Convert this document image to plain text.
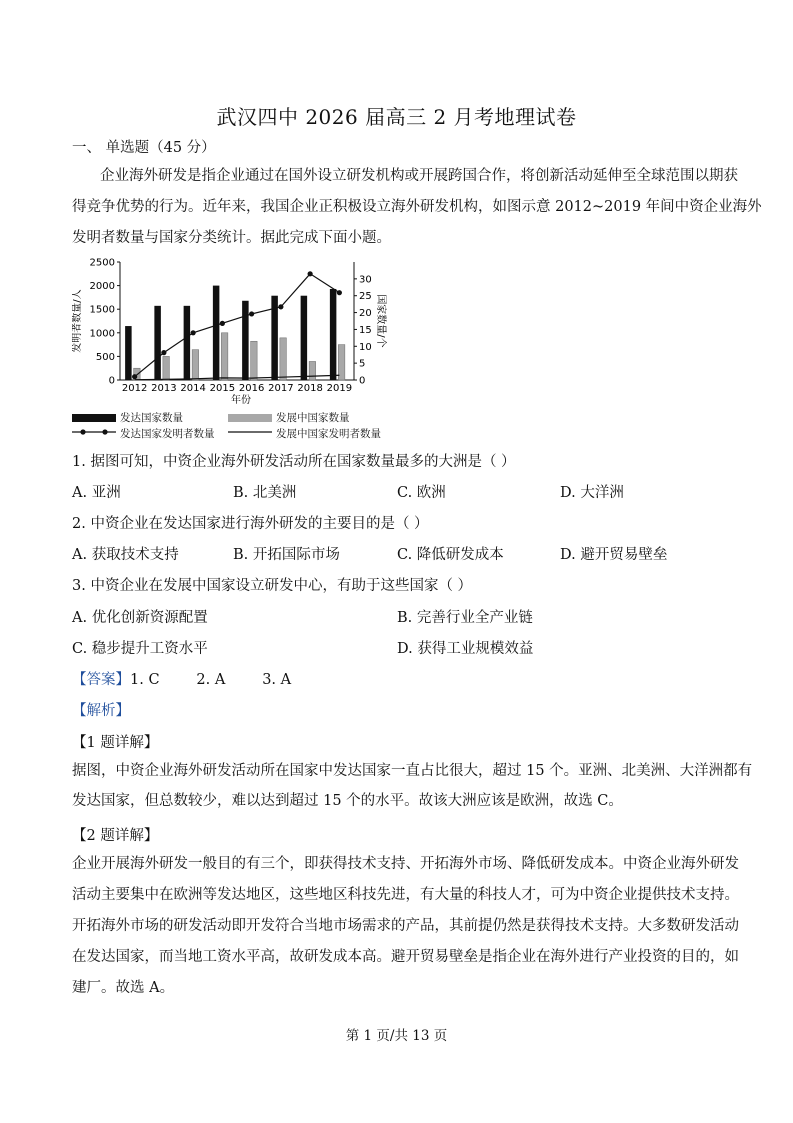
武汉四中 2026 届高三 2 月考地理试卷
一、 单选题（45 分）
企业海外研发是指企业通过在国外设立研发机构或开展跨国合作，将创新活动延伸至全球范围以期获
得竞争优势的行为。近年来，我国企业正积极设立海外研发机构，如图示意 2012~2019 年间中资企业海外
发明者数量与国家分类统计。据此完成下面小题。
0
500
1000
1500
2000
2500
0
5
10
15
20
25
30
2012 2013 2014 2015 2016 2017 2018 2019
年份
发明者数量/人	国家数量/个
发达国家数量	发展中国家数量
发达国家发明者数量	发展中国家发明者数量
1. 据图可知，中资企业海外研发活动所在国家数量最多的大洲是（ ）
A. 亚洲	B. 北美洲	C. 欧洲	D. 大洋洲
2. 中资企业在发达国家进行海外研发的主要目的是（ ）
A. 获取技术支持	B. 开拓国际市场	C. 降低研发成本	D. 避开贸易壁垒
3. 中资企业在发展中国家设立研发中心，有助于这些国家（ ）
A. 优化创新资源配置	B. 完善行业全产业链
C. 稳步提升工资水平	D. 获得工业规模效益
【答案】1. C        2. A        3. A
【解析】
【1 题详解】
据图，中资企业海外研发活动所在国家中发达国家一直占比很大，超过 15 个。亚洲、北美洲、大洋洲都有
发达国家，但总数较少，难以达到超过 15 个的水平。故该大洲应该是欧洲，故选 C。
【2 题详解】
企业开展海外研发一般目的有三个，即获得技术支持、开拓海外市场、降低研发成本。中资企业海外研发
活动主要集中在欧洲等发达地区，这些地区科技先进，有大量的科技人才，可为中资企业提供技术支持。
开拓海外市场的研发活动即开发符合当地市场需求的产品，其前提仍然是获得技术支持。大多数研发活动
在发达国家，而当地工资水平高，故研发成本高。避开贸易壁垒是指企业在海外进行产业投资的目的，如
建厂。故选 A。
第 1 页/共 13 页
